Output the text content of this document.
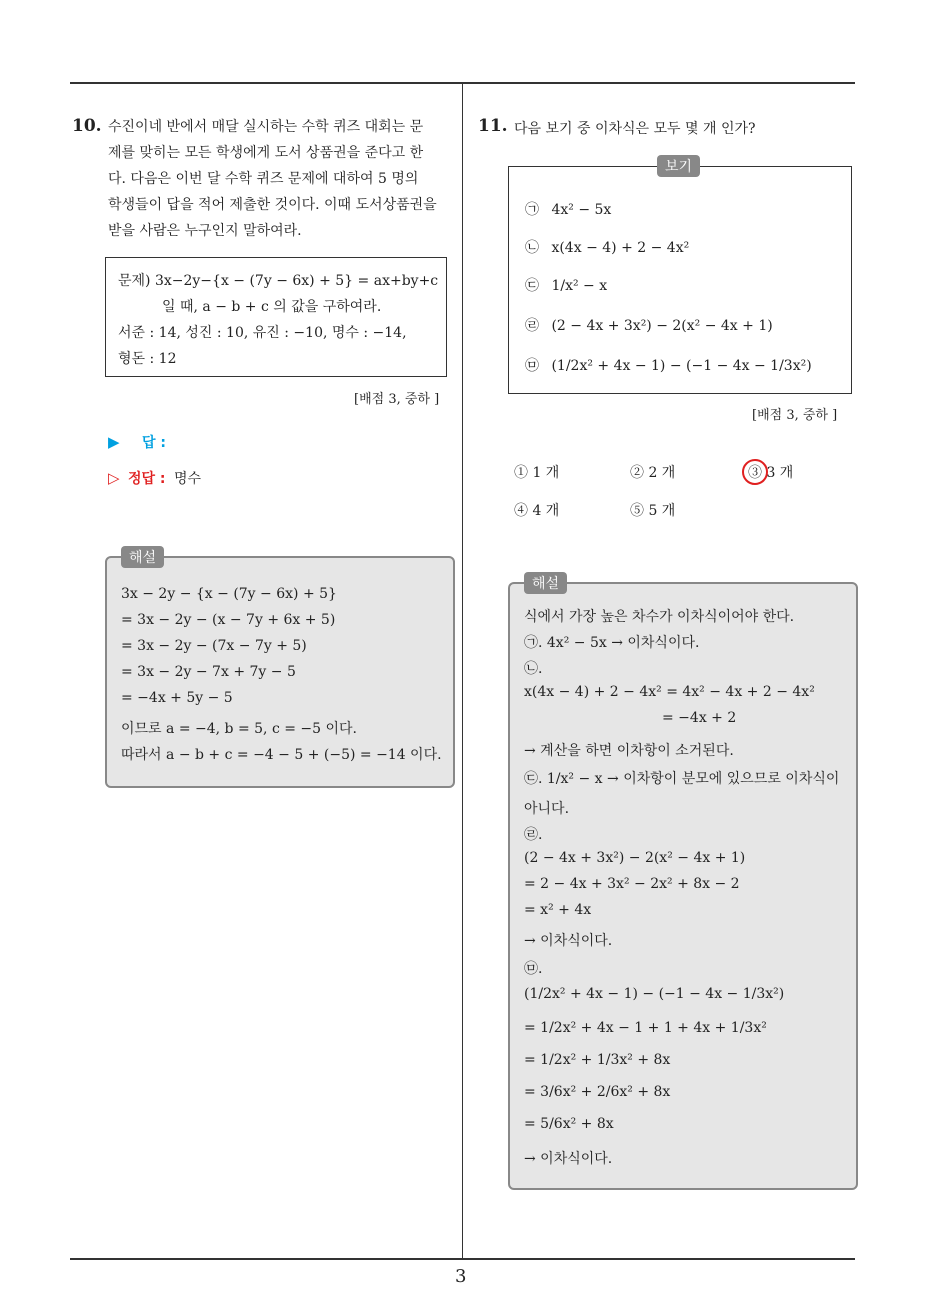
3
10. 수진이네 반에서 매달 실시하는 수학 퀴즈 대회는 문
제를 맞히는 모든 학생에게 도서 상품권을 준다고 한
다. 다음은 이번 달 수학 퀴즈 문제에 대하여 5 명의
학생들이 답을 적어 제출한 것이다. 이때 도서상품권을
받을 사람은 누구인지 말하여라.
문제) 3x−2y−{x − (7y − 6x) + 5} = ax+by+c
일 때, a − b + c 의 값을 구하여라.
서준 : 14, 성진 : 10, 유진 : −10, 명수 : −14,
형돈 : 12
[배점 3, 중하 ]
▶ 답 :
▷ 정답 : 명수
해설
3x − 2y − {x − (7y − 6x) + 5}
= 3x − 2y − (x − 7y + 6x + 5)
= 3x − 2y − (7x − 7y + 5)
= 3x − 2y − 7x + 7y − 5
= −4x + 5y − 5
이므로 a = −4, b = 5, c = −5 이다.
따라서 a − b + c = −4 − 5 + (−5) = −14 이다.
11. 다음 보기 중 이차식은 모두 몇 개 인가?
보기
㉠ 4x² − 5x
㉡ x(4x − 4) + 2 − 4x²
㉢ 1/x² − x
㉣ (2 − 4x + 3x²) − 2(x² − 4x + 1)
㉤ (1/2x² + 4x − 1) − (−1 − 4x − 1/3x²)
[배점 3, 중하 ]
① 1 개	② 2 개	③ 3 개
④ 4 개	⑤ 5 개
해설
식에서 가장 높은 차수가 이차식이어야 한다.
㉠. 4x² − 5x → 이차식이다.
㉡.
x(4x − 4) + 2 − 4x² = 4x² − 4x + 2 − 4x²
= −4x + 2
→ 계산을 하면 이차항이 소거된다.
㉢. 1/x² − x → 이차항이 분모에 있으므로 이차식이
아니다.
㉣.
(2 − 4x + 3x²) − 2(x² − 4x + 1)
= 2 − 4x + 3x² − 2x² + 8x − 2
= x² + 4x
→ 이차식이다.
㉤.
(1/2x² + 4x − 1) − (−1 − 4x − 1/3x²)
= 1/2x² + 4x − 1 + 1 + 4x + 1/3x²
= 1/2x² + 1/3x² + 8x
= 3/6x² + 2/6x² + 8x
= 5/6x² + 8x
→ 이차식이다.
